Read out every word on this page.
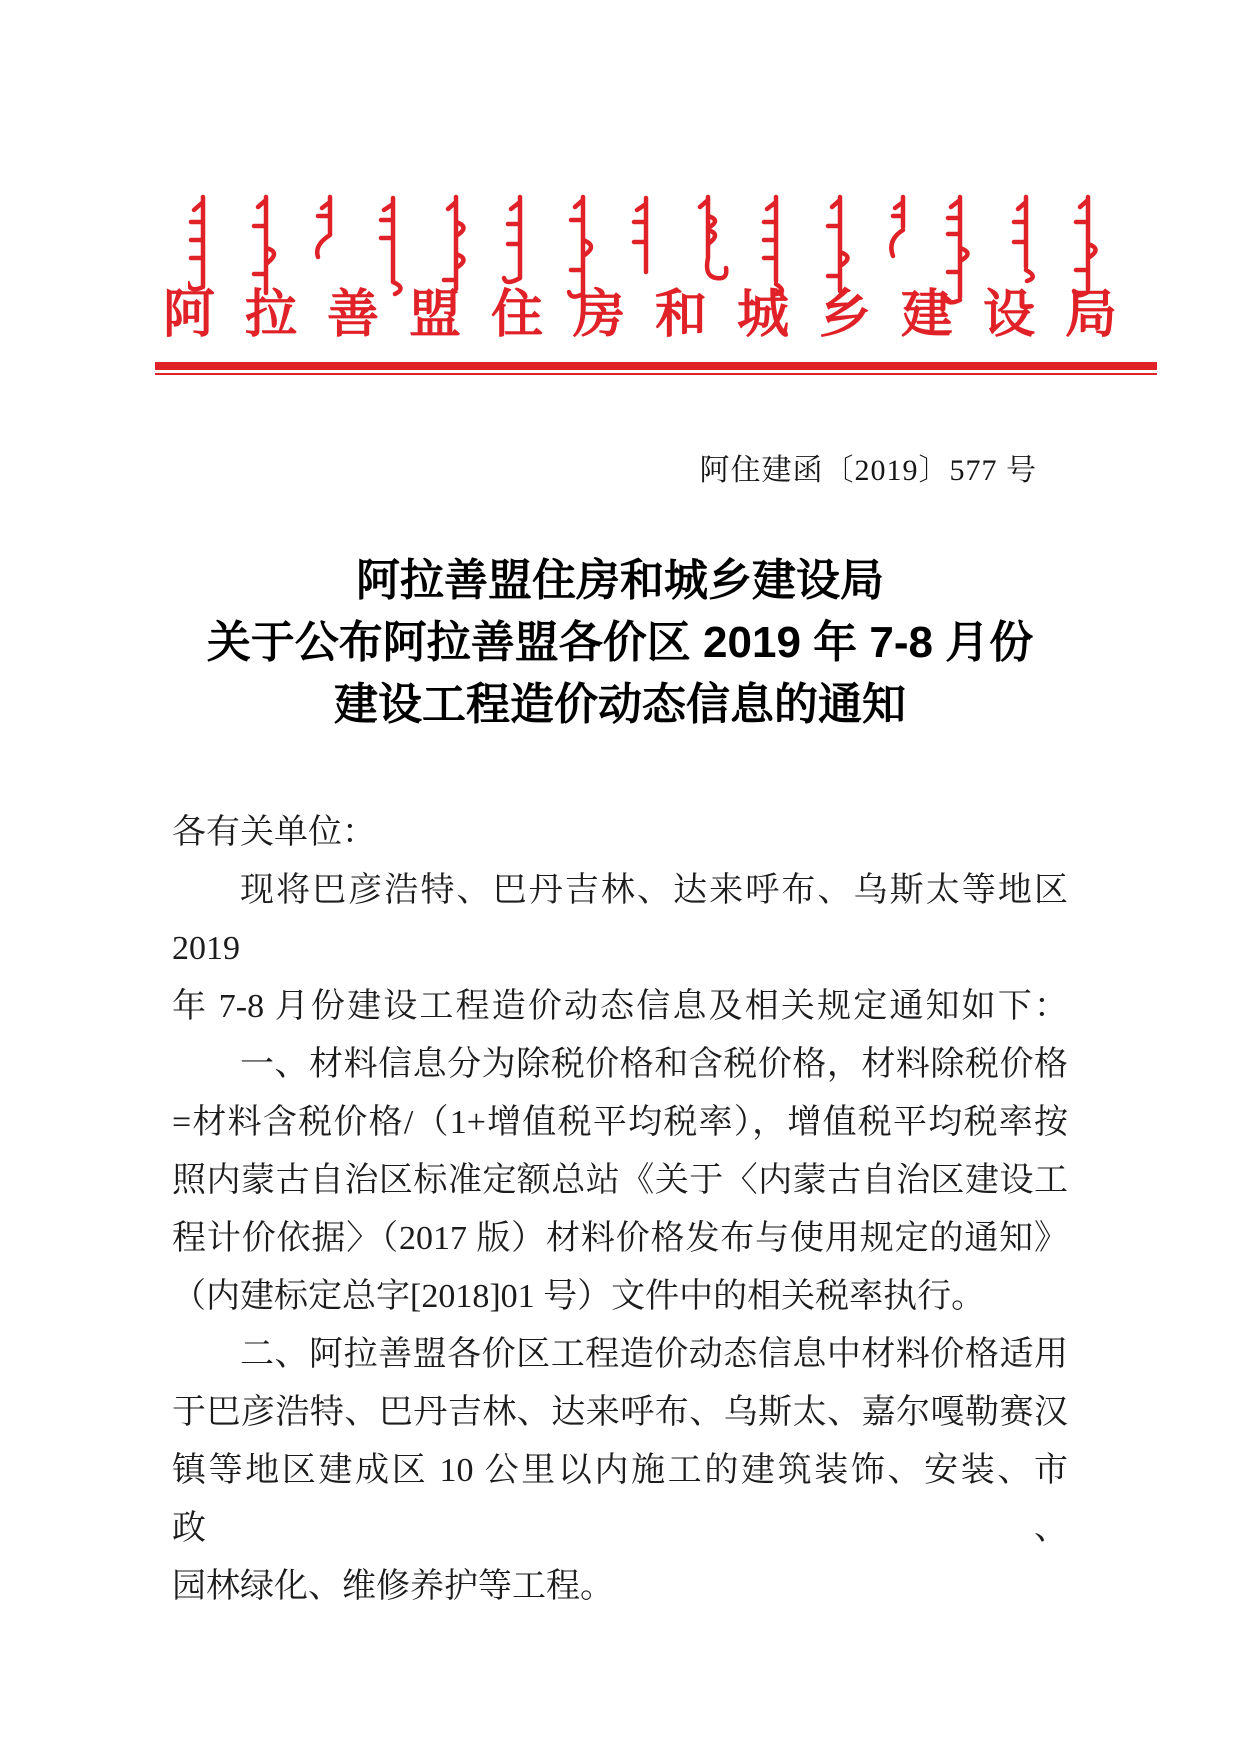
阿拉善盟住房和城乡建设局
阿住建函〔2019〕577 号
阿拉善盟住房和城乡建设局
关于公布阿拉善盟各价区 2019 年 7-8 月份
建设工程造价动态信息的通知
各有关单位：
现将巴彦浩特、巴丹吉林、达来呼布、乌斯太等地区 2019
年 7-8 月份建设工程造价动态信息及相关规定通知如下：
一、材料信息分为除税价格和含税价格，材料除税价格
=材料含税价格/（1+增值税平均税率），增值税平均税率按
照内蒙古自治区标准定额总站《关于〈内蒙古自治区建设工
程计价依据〉（2017 版）材料价格发布与使用规定的通知》
（内建标定总字[2018]01 号）文件中的相关税率执行。
二、阿拉善盟各价区工程造价动态信息中材料价格适用
于巴彦浩特、巴丹吉林、达来呼布、乌斯太、嘉尔嘎勒赛汉
镇等地区建成区 10 公里以内施工的建筑装饰、安装、市政、
园林绿化、维修养护等工程。
